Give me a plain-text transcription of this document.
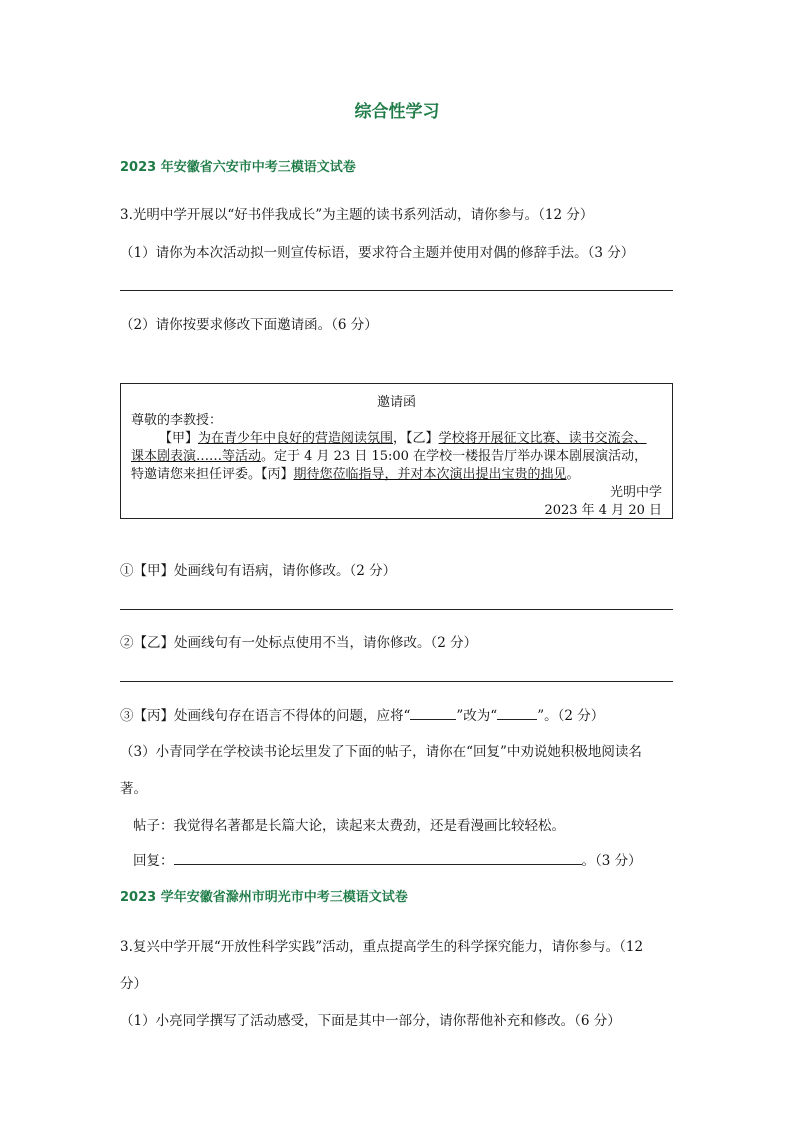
综合性学习
2023 年安徽省六安市中考三模语文试卷
3.光明中学开展以“好书伴我成长”为主题的读书系列活动，请你参与。（12 分）
（1）请你为本次活动拟一则宣传标语，要求符合主题并使用对偶的修辞手法。（3 分）
（2）请你按要求修改下面邀请函。（6 分）
邀请函
尊敬的李教授：
【甲】为在青少年中良好的营造阅读氛围，【乙】学校将开展征文比赛、读书交流会、
课本剧表演……等活动。定于 4 月 23 日 15:00 在学校一楼报告厅举办课本剧展演活动，
特邀请您来担任评委。【丙】期待您莅临指导，并对本次演出提出宝贵的拙见。
光明中学
2023 年 4 月 20 日
①【甲】处画线句有语病，请你修改。（2 分）
②【乙】处画线句有一处标点使用不当，请你修改。（2 分）
③【丙】处画线句存在语言不得体的问题，应将“	”改为“	”。（2 分）
（3）小青同学在学校读书论坛里发了下面的帖子，请你在“回复”中劝说她积极地阅读名
著。
帖子：我觉得名著都是长篇大论，读起来太费劲，还是看漫画比较轻松。
回复：	。（3 分）
2023 学年安徽省滁州市明光市中考三模语文试卷
3.复兴中学开展“开放性科学实践”活动，重点提高学生的科学探究能力，请你参与。（12
分）
（1）小亮同学撰写了活动感受，下面是其中一部分，请你帮他补充和修改。（6 分）
